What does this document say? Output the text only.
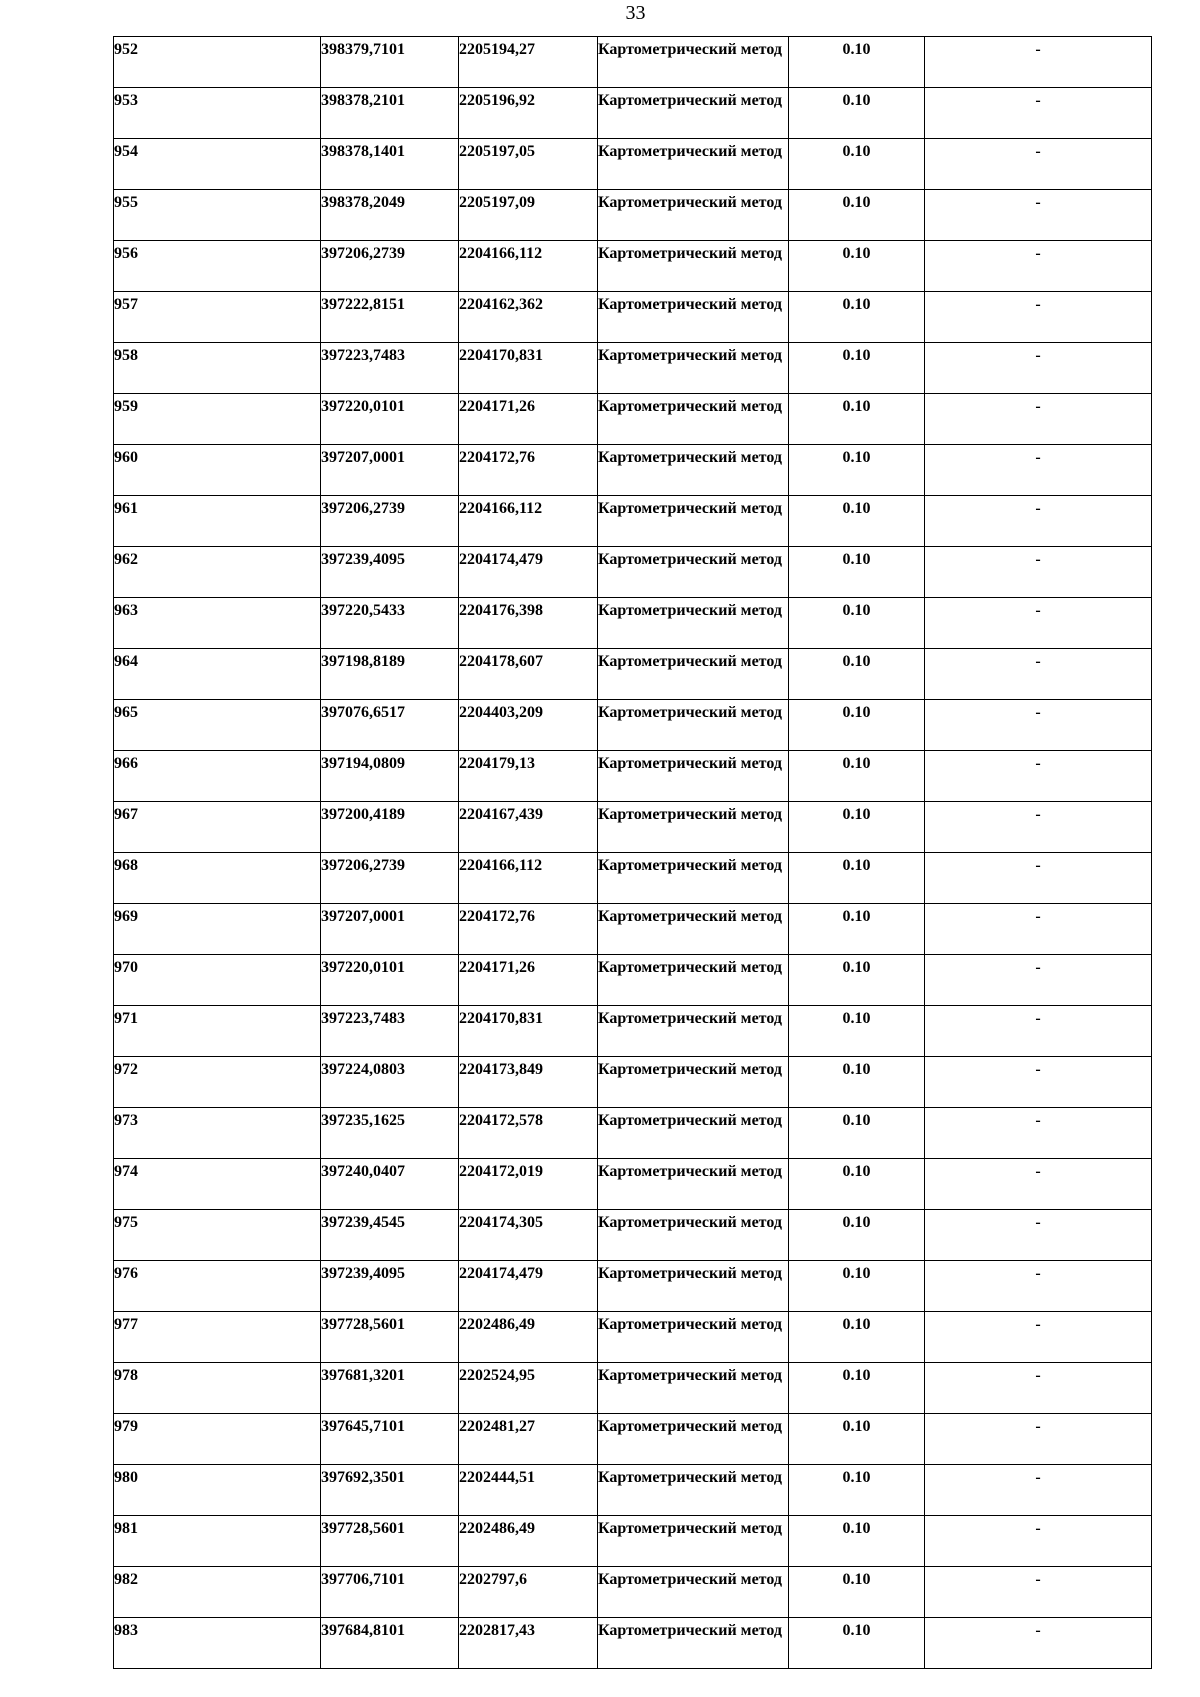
33
952	398379,7101	2205194,27	Картометрический метод	0.10	-
953	398378,2101	2205196,92	Картометрический метод	0.10	-
954	398378,1401	2205197,05	Картометрический метод	0.10	-
955	398378,2049	2205197,09	Картометрический метод	0.10	-
956	397206,2739	2204166,112	Картометрический метод	0.10	-
957	397222,8151	2204162,362	Картометрический метод	0.10	-
958	397223,7483	2204170,831	Картометрический метод	0.10	-
959	397220,0101	2204171,26	Картометрический метод	0.10	-
960	397207,0001	2204172,76	Картометрический метод	0.10	-
961	397206,2739	2204166,112	Картометрический метод	0.10	-
962	397239,4095	2204174,479	Картометрический метод	0.10	-
963	397220,5433	2204176,398	Картометрический метод	0.10	-
964	397198,8189	2204178,607	Картометрический метод	0.10	-
965	397076,6517	2204403,209	Картометрический метод	0.10	-
966	397194,0809	2204179,13	Картометрический метод	0.10	-
967	397200,4189	2204167,439	Картометрический метод	0.10	-
968	397206,2739	2204166,112	Картометрический метод	0.10	-
969	397207,0001	2204172,76	Картометрический метод	0.10	-
970	397220,0101	2204171,26	Картометрический метод	0.10	-
971	397223,7483	2204170,831	Картометрический метод	0.10	-
972	397224,0803	2204173,849	Картометрический метод	0.10	-
973	397235,1625	2204172,578	Картометрический метод	0.10	-
974	397240,0407	2204172,019	Картометрический метод	0.10	-
975	397239,4545	2204174,305	Картометрический метод	0.10	-
976	397239,4095	2204174,479	Картометрический метод	0.10	-
977	397728,5601	2202486,49	Картометрический метод	0.10	-
978	397681,3201	2202524,95	Картометрический метод	0.10	-
979	397645,7101	2202481,27	Картометрический метод	0.10	-
980	397692,3501	2202444,51	Картометрический метод	0.10	-
981	397728,5601	2202486,49	Картометрический метод	0.10	-
982	397706,7101	2202797,6	Картометрический метод	0.10	-
983	397684,8101	2202817,43	Картометрический метод	0.10	-
